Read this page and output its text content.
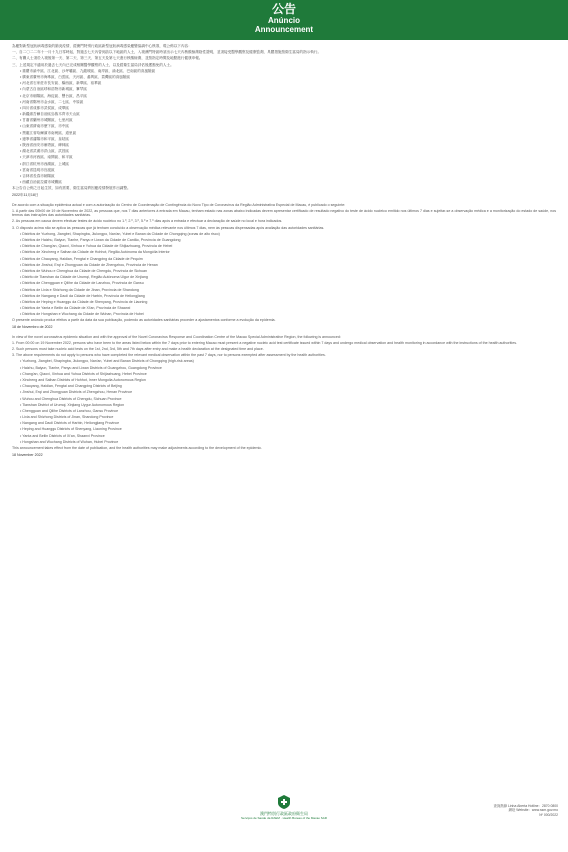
公告
Anúncio
Announcement

為應對新型冠狀病毒感染的肺炎疫情，經澳門特別行政區新型冠狀病毒感染應變協調中心核准，現公佈以下內容：

一、自二〇二二年十一月十九日零時起，對過去七天內曾到訪以下地區的人士，入境澳門特區時須出示七天內核酸檢測陰性證明，並須接受醫學觀察及健康監測，具體措施按衛生當局的指示執行。

二、有關人士須於入境後第一天、第二天、第三天、第五天及第七天進行核酸檢測，並按指定時間及地點進行健康申報。

三、上述規定不適用於過去七天內已完成相關醫學觀察的人士，以及經衛生當局評估後獲豁免的人士。

• 重慶市渝中區、江北區、沙坪壩區、九龍坡區、南岸區、渝北區、巴南區的高風險區

• 廣東省廣州市海珠區、白雲區、天河區、番禺區、荔灣區的高風險區

• 河北省石家莊市長安區、橋西區、新華區、裕華區

• 內蒙古自治區呼和浩特市新城區、賽罕區

• 北京市朝陽區、海淀區、豐台區、昌平區

• 河南省鄭州市金水區、二七區、中原區

• 四川省成都市武侯區、成華區

• 新疆維吾爾自治區烏魯木齊市天山區

• 甘肅省蘭州市城關區、七里河區

• 山東省濟南市歷下區、市中區

• 黑龍江省哈爾濱市南崗區、道里區

• 遼寧省瀋陽市和平區、皇姑區

• 陝西省西安市雁塔區、碑林區

• 湖北省武漢市洪山區、武昌區

• 天津市河西區、南開區、和平區

• 浙江省杭州市西湖區、上城區

• 雲南省昆明市官渡區

• 吉林省長春市朝陽區

• 西藏自治區拉薩市城關區

本公告自公佈之日起生效，如有需要，衛生當局將因應疫情發展作出調整。

2022年11月18日

De acordo com a situação epidémica actual e com a autorização do Centro de Coordenação de Contingência do Novo Tipo de Coronavírus da Região Administrativa Especial de Macau, é publicado o seguinte:

1. A partir das 00h00 de 19 de Novembro de 2022, as pessoas que, nos 7 dias anteriores à entrada em Macau, tenham estado nas zonas abaixo indicadas devem apresentar certificado de resultado negativo do teste de ácido nucleico emitido nos últimos 7 dias e sujeitar-se a observação médica e a monitorização do estado de saúde, nos termos das instruções das autoridades sanitárias.

2. As pessoas em causa devem efectuar testes de ácido nucleico no 1.º, 2.º, 3.º, 5.º e 7.º dias após a entrada e efectuar a declaração de saúde no local e hora indicados.

3. O disposto acima não se aplica às pessoas que já tenham concluído a observação médica relevante nos últimos 7 dias, nem às pessoas dispensadas após avaliação das autoridades sanitárias.

• Distritos de Yuzhong, Jiangbei, Shapingba, Jiulongpo, Nan'an, Yubei e Banan da Cidade de Chongqing (zonas de alto risco)

• Distritos de Haizhu, Baiyun, Tianhe, Panyu e Liwan da Cidade de Cantão, Província de Guangdong

• Distritos de Chang'an, Qiaoxi, Xinhua e Yuhua da Cidade de Shijiazhuang, Província de Hebei

• Distritos de Xincheng e Saihan da Cidade de Hohhot, Região Autónoma da Mongólia Interior

• Distritos de Chaoyang, Haidian, Fengtai e Changping da Cidade de Pequim

• Distritos de Jinshui, Erqi e Zhongyuan da Cidade de Zhengzhou, Província de Henan

• Distritos de Wuhou e Chenghua da Cidade de Chengdu, Província de Sichuan

• Distrito de Tianshan da Cidade de Urumqi, Região Autónoma Uigur de Xinjiang

• Distritos de Chengguan e Qilihe da Cidade de Lanzhou, Província de Gansu

• Distritos de Lixia e Shizhong da Cidade de Jinan, Província de Shandong

• Distritos de Nangang e Daoli da Cidade de Harbin, Província de Heilongjiang

• Distritos de Heping e Huanggu da Cidade de Shenyang, Província de Liaoning

• Distritos de Yanta e Beilin da Cidade de Xi'an, Província de Shaanxi

• Distritos de Hongshan e Wuchang da Cidade de Wuhan, Província de Hubei

O presente anúncio produz efeitos a partir da data da sua publicação, podendo as autoridades sanitárias proceder a ajustamentos conforme a evolução da epidemia.

18 de Novembro de 2022

In view of the novel coronavirus epidemic situation and with the approval of the Novel Coronavirus Response and Coordination Centre of the Macao Special Administrative Region, the following is announced:

1. From 00:00 on 19 November 2022, persons who have been to the areas listed below within the 7 days prior to entering Macao must present a negative nucleic acid test certificate issued within 7 days and undergo medical observation and health monitoring in accordance with the instructions of the health authorities.

2. Such persons must take nucleic acid tests on the 1st, 2nd, 3rd, 5th and 7th days after entry and make a health declaration at the designated time and place.

3. The above requirements do not apply to persons who have completed the relevant medical observation within the past 7 days, nor to persons exempted after assessment by the health authorities.

• Yuzhong, Jiangbei, Shapingba, Jiulongpo, Nan'an, Yubei and Banan Districts of Chongqing (high-risk areas)

• Haizhu, Baiyun, Tianhe, Panyu and Liwan Districts of Guangzhou, Guangdong Province

• Chang'an, Qiaoxi, Xinhua and Yuhua Districts of Shijiazhuang, Hebei Province

• Xincheng and Saihan Districts of Hohhot, Inner Mongolia Autonomous Region

• Chaoyang, Haidian, Fengtai and Changping Districts of Beijing

• Jinshui, Erqi and Zhongyuan Districts of Zhengzhou, Henan Province

• Wuhou and Chenghua Districts of Chengdu, Sichuan Province

• Tianshan District of Urumqi, Xinjiang Uygur Autonomous Region

• Chengguan and Qilihe Districts of Lanzhou, Gansu Province

• Lixia and Shizhong Districts of Jinan, Shandong Province

• Nangang and Daoli Districts of Harbin, Heilongjiang Province

• Heping and Huanggu Districts of Shenyang, Liaoning Province

• Yanta and Beilin Districts of Xi'an, Shaanxi Province

• Hongshan and Wuchang Districts of Wuhan, Hubei Province

This announcement takes effect from the date of publication, and the health authorities may make adjustments according to the development of the epidemic.

18 November 2022

澳門特別行政區政府衛生局
Serviços de Saúde da RAEM · Health Bureau of the Macao SAR
查詢熱線 Linha Aberta Hotline：2870 0800
網址 Website：www.ssm.gov.mo
Nº 000/2022
